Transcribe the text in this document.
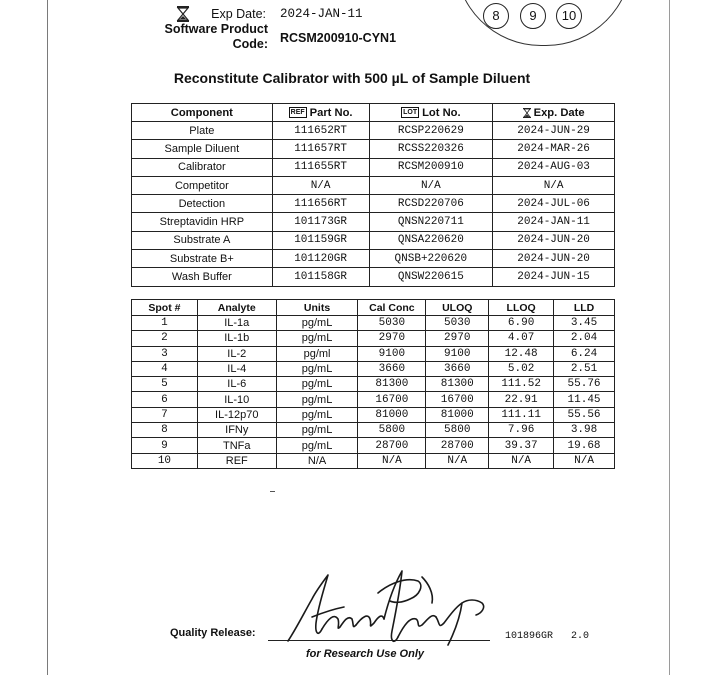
Exp Date: 2024-JAN-11
Software Product
Code: RCSM200910-CYN1
8	9	10
Reconstitute Calibrator with 500 µL of Sample Diluent
Component	REF Part No.	LOT Lot No.	Exp. Date
Plate	111652RT	RCSP220629	2024-JUN-29
Sample Diluent	111657RT	RCSS220326	2024-MAR-26
Calibrator	111655RT	RCSM200910	2024-AUG-03
Competitor	N/A	N/A	N/A
Detection	111656RT	RCSD220706	2024-JUL-06
Streptavidin HRP	101173GR	QNSN220711	2024-JAN-11
Substrate A	101159GR	QNSA220620	2024-JUN-20
Substrate B+	101120GR	QNSB+220620	2024-JUN-20
Wash Buffer	101158GR	QNSW220615	2024-JUN-15
Spot #	Analyte	Units	Cal Conc	ULOQ	LLOQ	LLD
1	IL-1a	pg/mL	5030	5030	6.90	3.45
2	IL-1b	pg/mL	2970	2970	4.07	2.04
3	IL-2	pg/ml	9100	9100	12.48	6.24
4	IL-4	pg/mL	3660	3660	5.02	2.51
5	IL-6	pg/mL	81300	81300	111.52	55.76
6	IL-10	pg/mL	16700	16700	22.91	11.45
7	IL-12p70	pg/mL	81000	81000	111.11	55.56
8	IFNy	pg/mL	5800	5800	7.96	3.98
9	TNFa	pg/mL	28700	28700	39.37	19.68
10	REF	N/A	N/A	N/A	N/A	N/A
Quality Release:	101896GR 2.0
for Research Use Only
